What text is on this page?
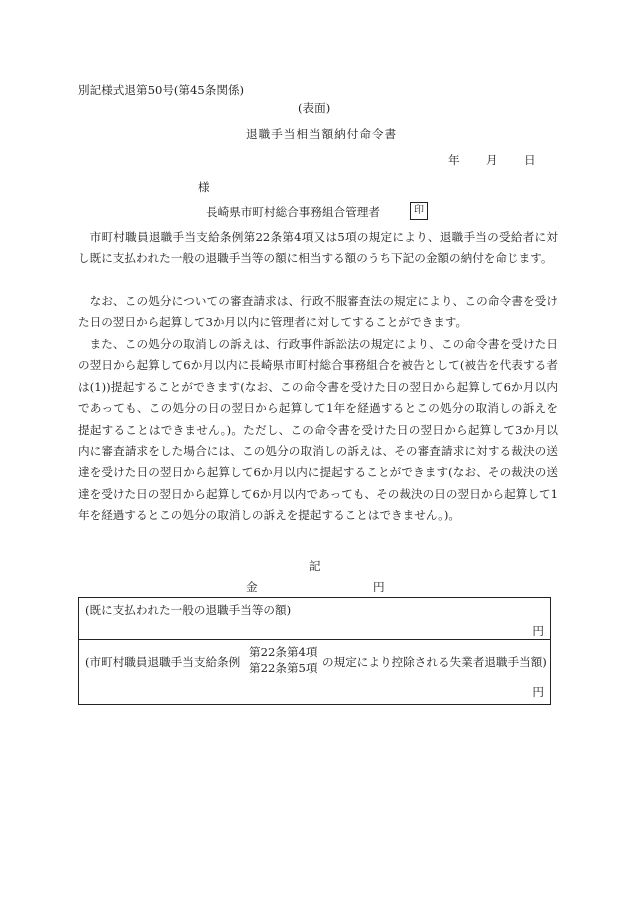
別記様式退第50号(第45条関係)
(表面)
退職手当相当額納付命令書
年 月 日
様
長崎県市町村総合事務組合管理者	印

市町村職員退職手当支給条例第22条第4項又は5項の規定により、退職手当の受給者に対し既に支払われた一般の退職手当等の額に相当する額のうち下記の金額の納付を命じます。

なお、この処分についての審査請求は、行政不服審査法の規定により、この命令書を受けた日の翌日から起算して3か月以内に管理者に対してすることができます。

また、この処分の取消しの訴えは、行政事件訴訟法の規定により、この命令書を受けた日の翌日から起算して6か月以内に長崎県市町村総合事務組合を被告として(被告を代表する者は(1))提起することができます(なお、この命令書を受けた日の翌日から起算して6か月以内であっても、この処分の日の翌日から起算して1年を経過するとこの処分の取消しの訴えを提起することはできません。)。ただし、この命令書を受けた日の翌日から起算して3か月以内に審査請求をした場合には、この処分の取消しの訴えは、その審査請求に対する裁決の送達を受けた日の翌日から起算して6か月以内に提起することができます(なお、その裁決の送達を受けた日の翌日から起算して6か月以内であっても、その裁決の日の翌日から起算して1年を経過するとこの処分の取消しの訴えを提起することはできません。)。

記
金	円
(既に支払われた一般の退職手当等の額)
円
(市町村職員退職手当支給条例
第22条第4項
第22条第5項 の規定により控除される失業者退職手当額)
円
